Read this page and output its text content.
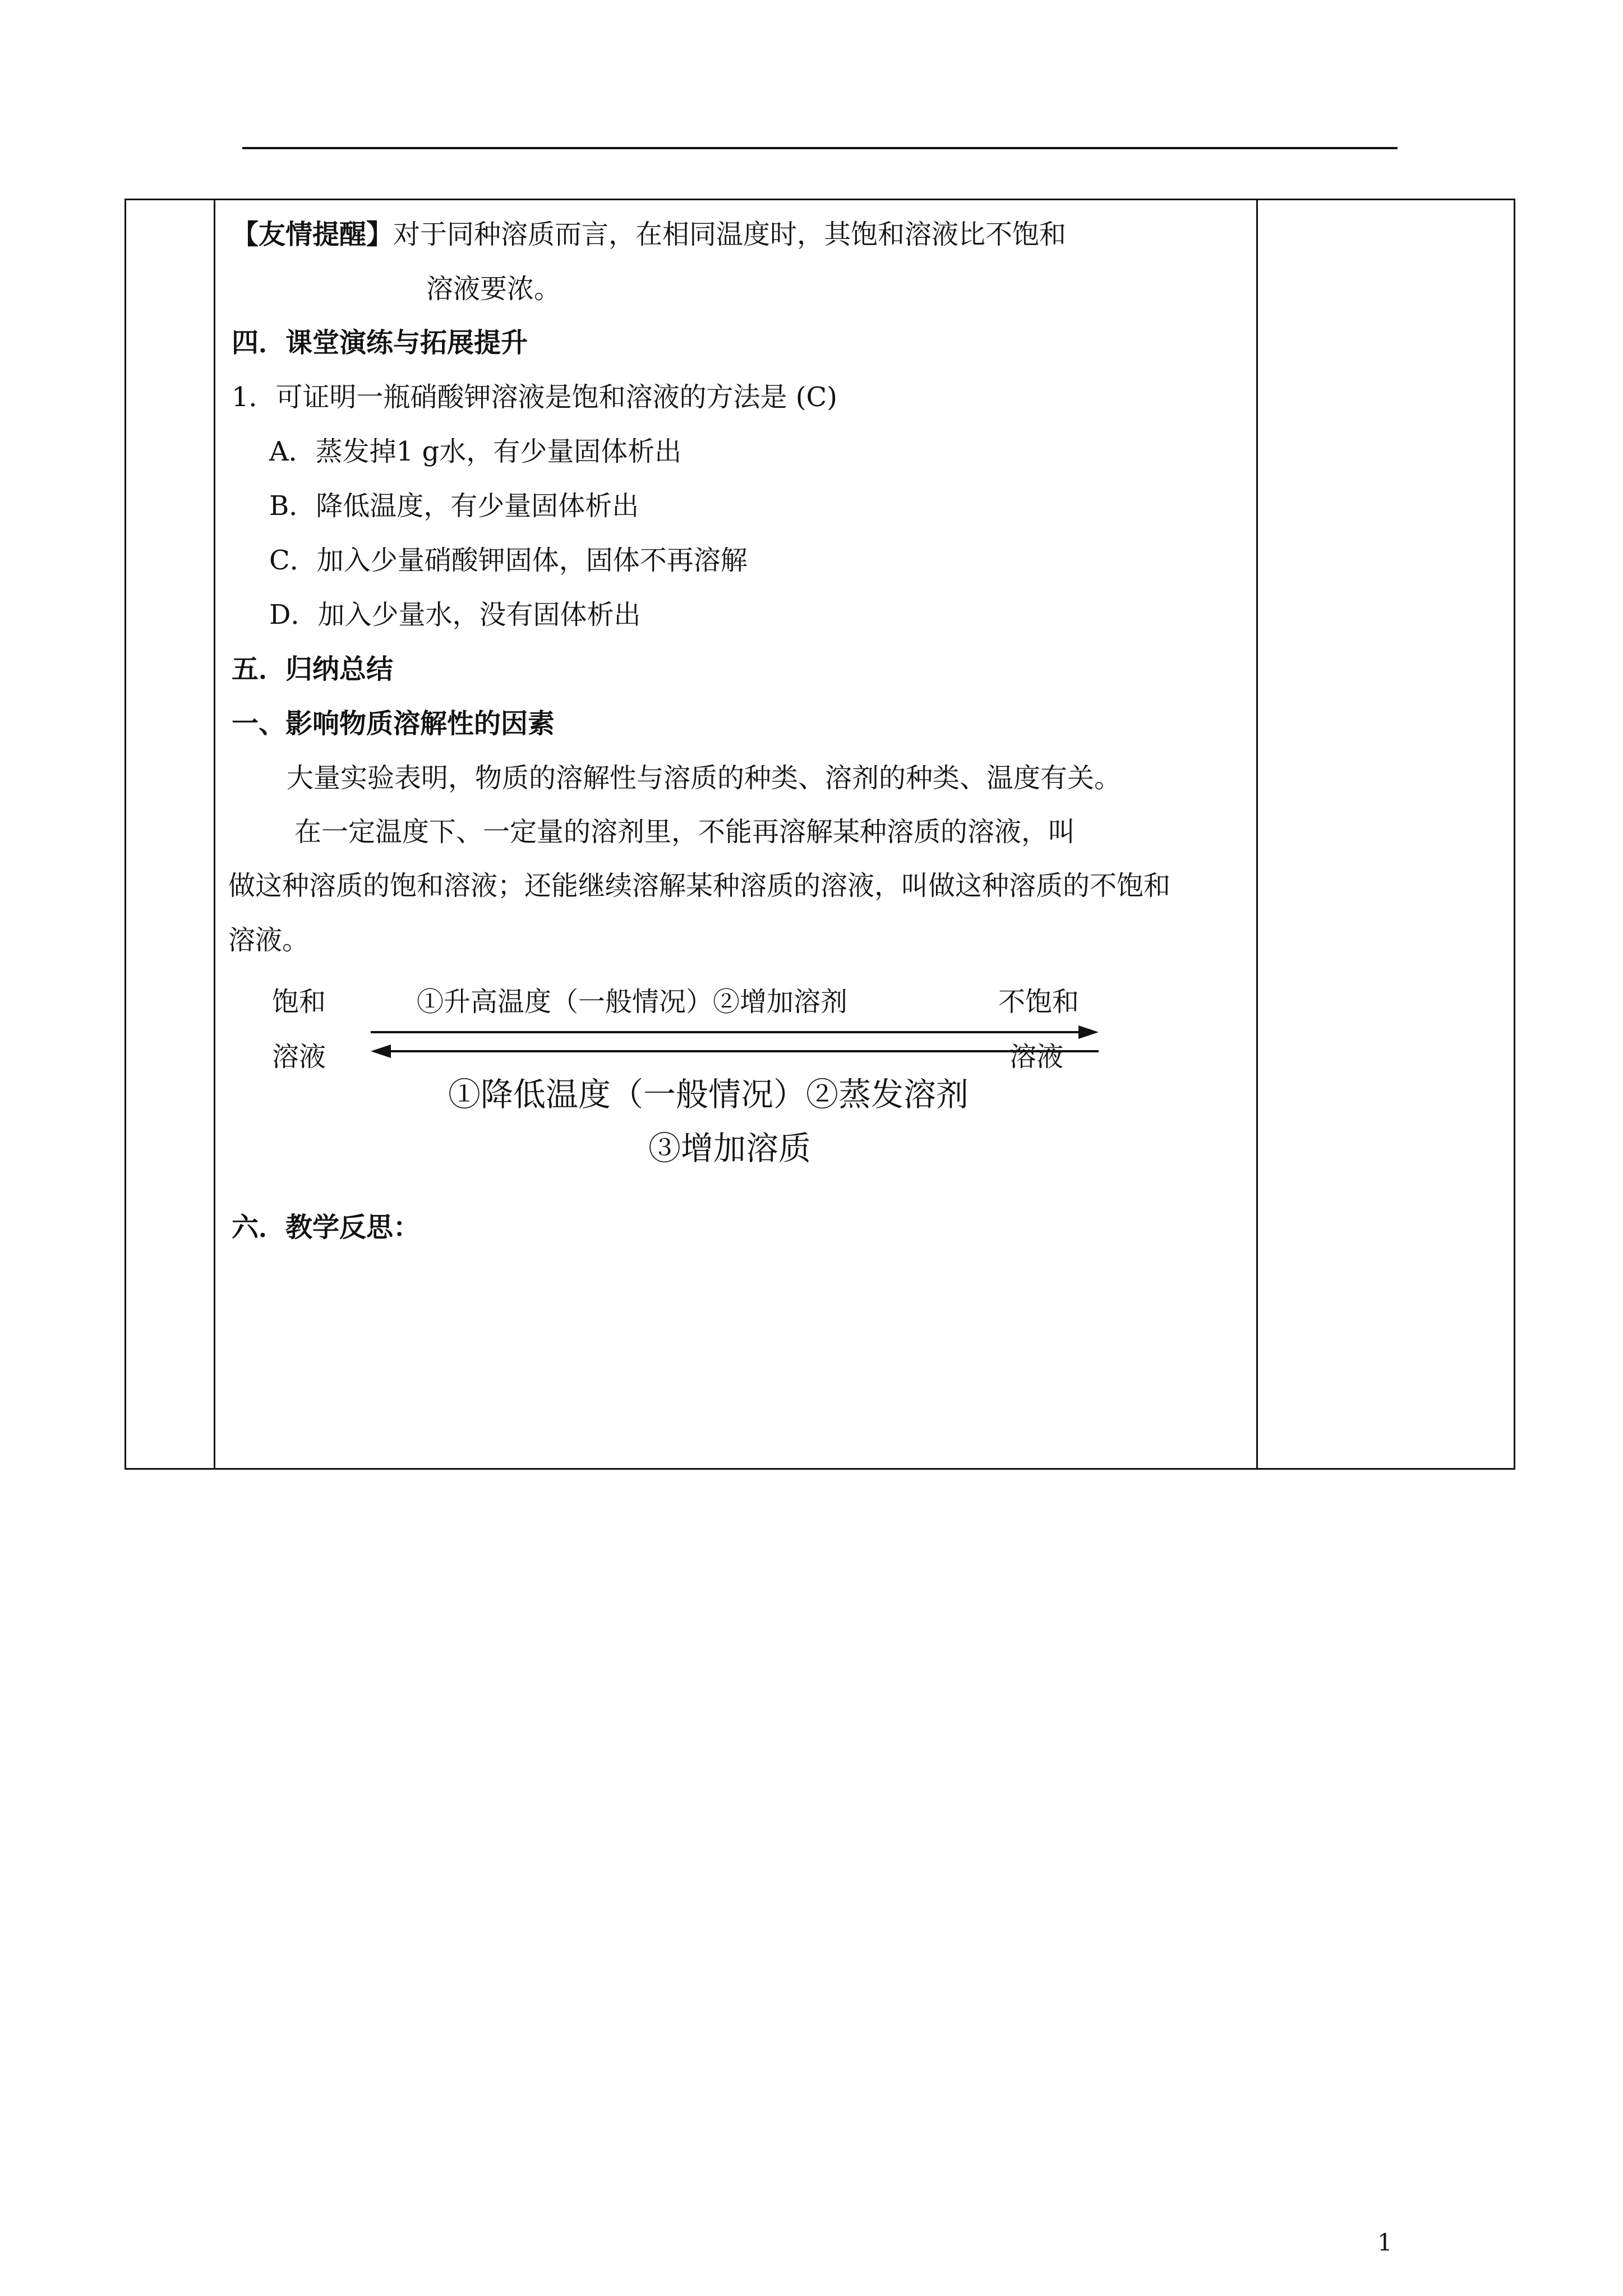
【友情提醒】对于同种溶质而言，在相同温度时，其饱和溶液比不饱和
溶液要浓。
四．课堂演练与拓展提升
1．可证明一瓶硝酸钾溶液是饱和溶液的方法是 (C)
A．蒸发掉1 g水，有少量固体析出
B．降低温度，有少量固体析出
C．加入少量硝酸钾固体，固体不再溶解
D．加入少量水，没有固体析出
五．归纳总结
一、影响物质溶解性的因素
大量实验表明，物质的溶解性与溶质的种类、溶剂的种类、温度有关。
在一定温度下、一定量的溶剂里，不能再溶解某种溶质的溶液，叫
做这种溶质的饱和溶液；还能继续溶解某种溶质的溶液，叫做这种溶质的不饱和
溶液。
饱和
溶液
不饱和
溶液
①升高温度（一般情况）②增加溶剂
①降低温度（一般情况）②蒸发溶剂
③增加溶质
六．教学反思：
1
